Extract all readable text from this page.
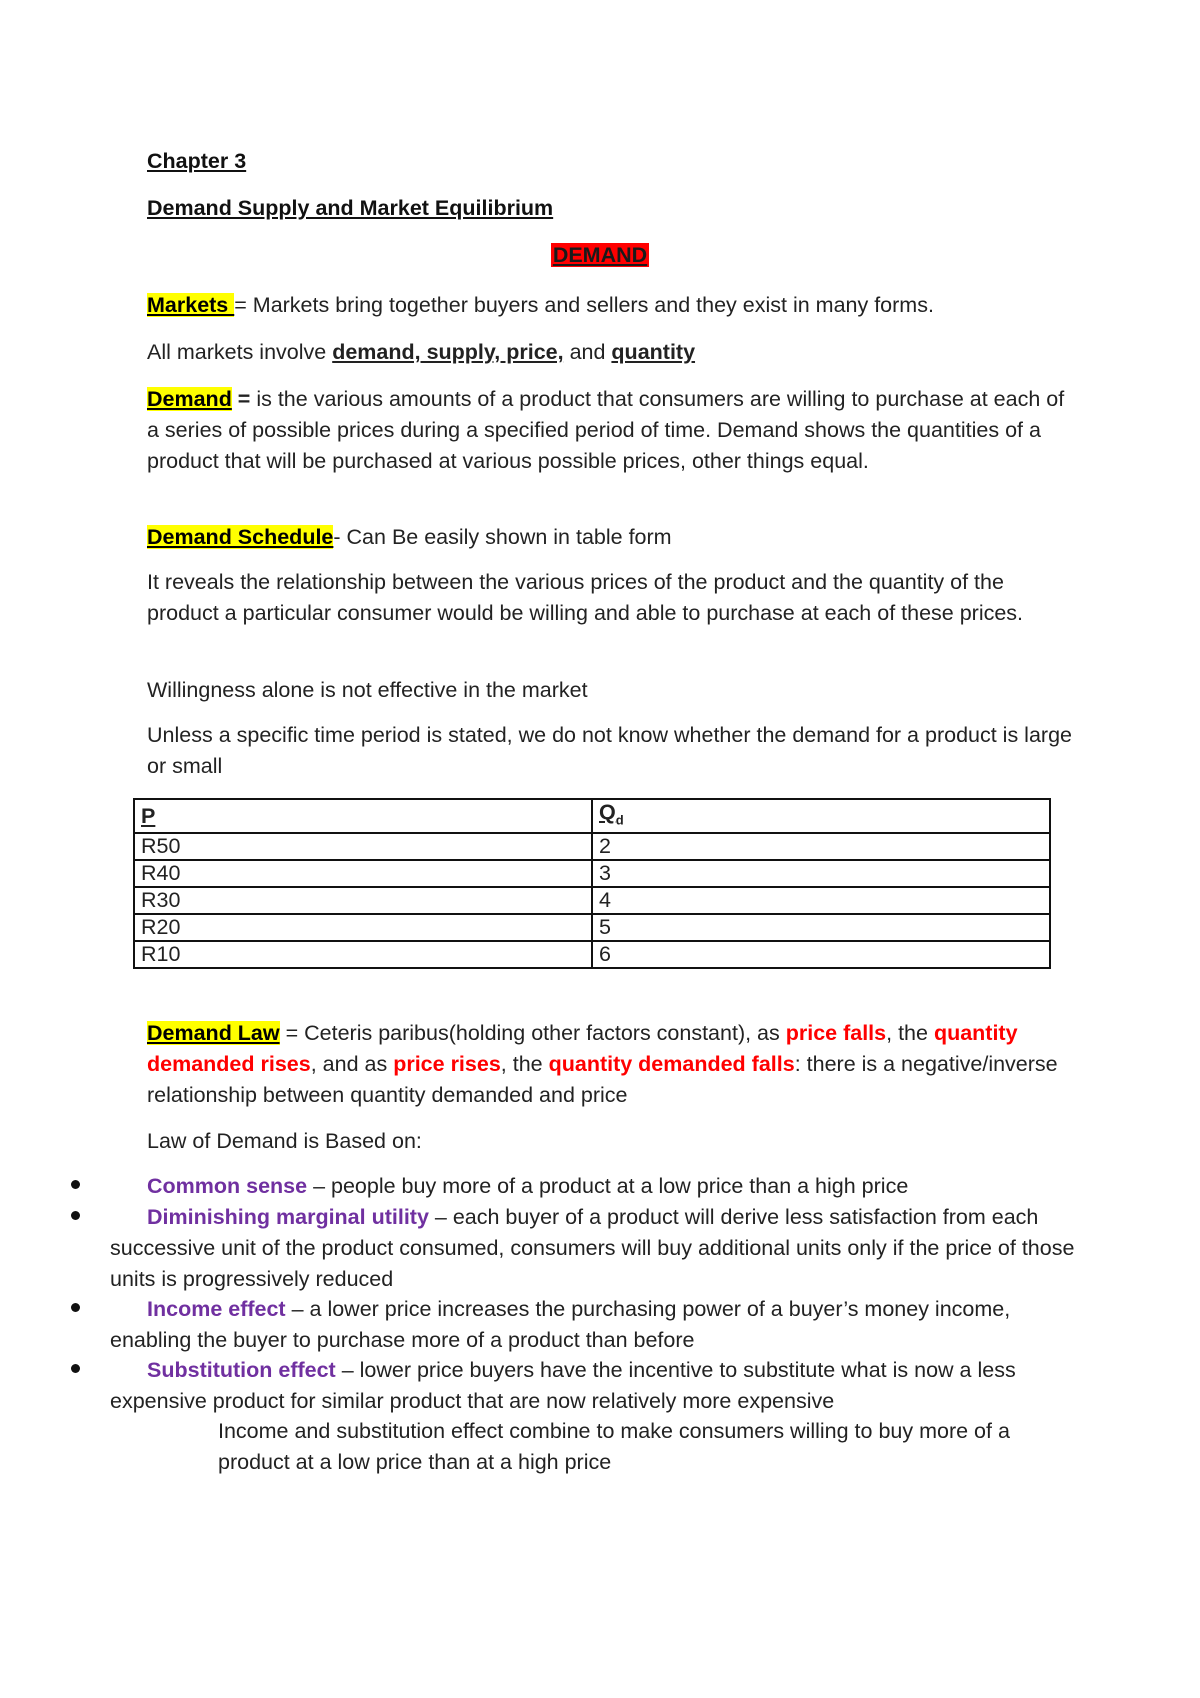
Chapter 3
Demand Supply and Market Equilibrium
DEMAND
Markets = Markets bring together buyers and sellers and they exist in many forms.
All markets involve demand, supply, price, and quantity
Demand = is the various amounts of a product that consumers are willing to purchase at each of a series of possible prices during a specified period of time. Demand shows the quantities of a product that will be purchased at various possible prices, other things equal.
Demand Schedule- Can Be easily shown in table form
It reveals the relationship between the various prices of the product and the quantity of the product a particular consumer would be willing and able to purchase at each of these prices.
Willingness alone is not effective in the market
Unless a specific time period is stated, we do not know whether the demand for a product is large or small
P	$Q_d$
R50	2
R40	3
R30	4
R20	5
R10	6
Demand Law = Ceteris paribus(holding other factors constant), as price falls, the quantity demanded rises, and as price rises, the quantity demanded falls: there is a negative/inverse relationship between quantity demanded and price
Law of Demand is Based on:
Common sense – people buy more of a product at a low price than a high price
Diminishing marginal utility – each buyer of a product will derive less satisfaction from each successive unit of the product consumed, consumers will buy additional units only if the price of those units is progressively reduced
Income effect – a lower price increases the purchasing power of a buyer’s money income, enabling the buyer to purchase more of a product than before
Substitution effect – lower price buyers have the incentive to substitute what is now a less expensive product for similar product that are now relatively more expensive
Income and substitution effect combine to make consumers willing to buy more of a product at a low price than at a high price
